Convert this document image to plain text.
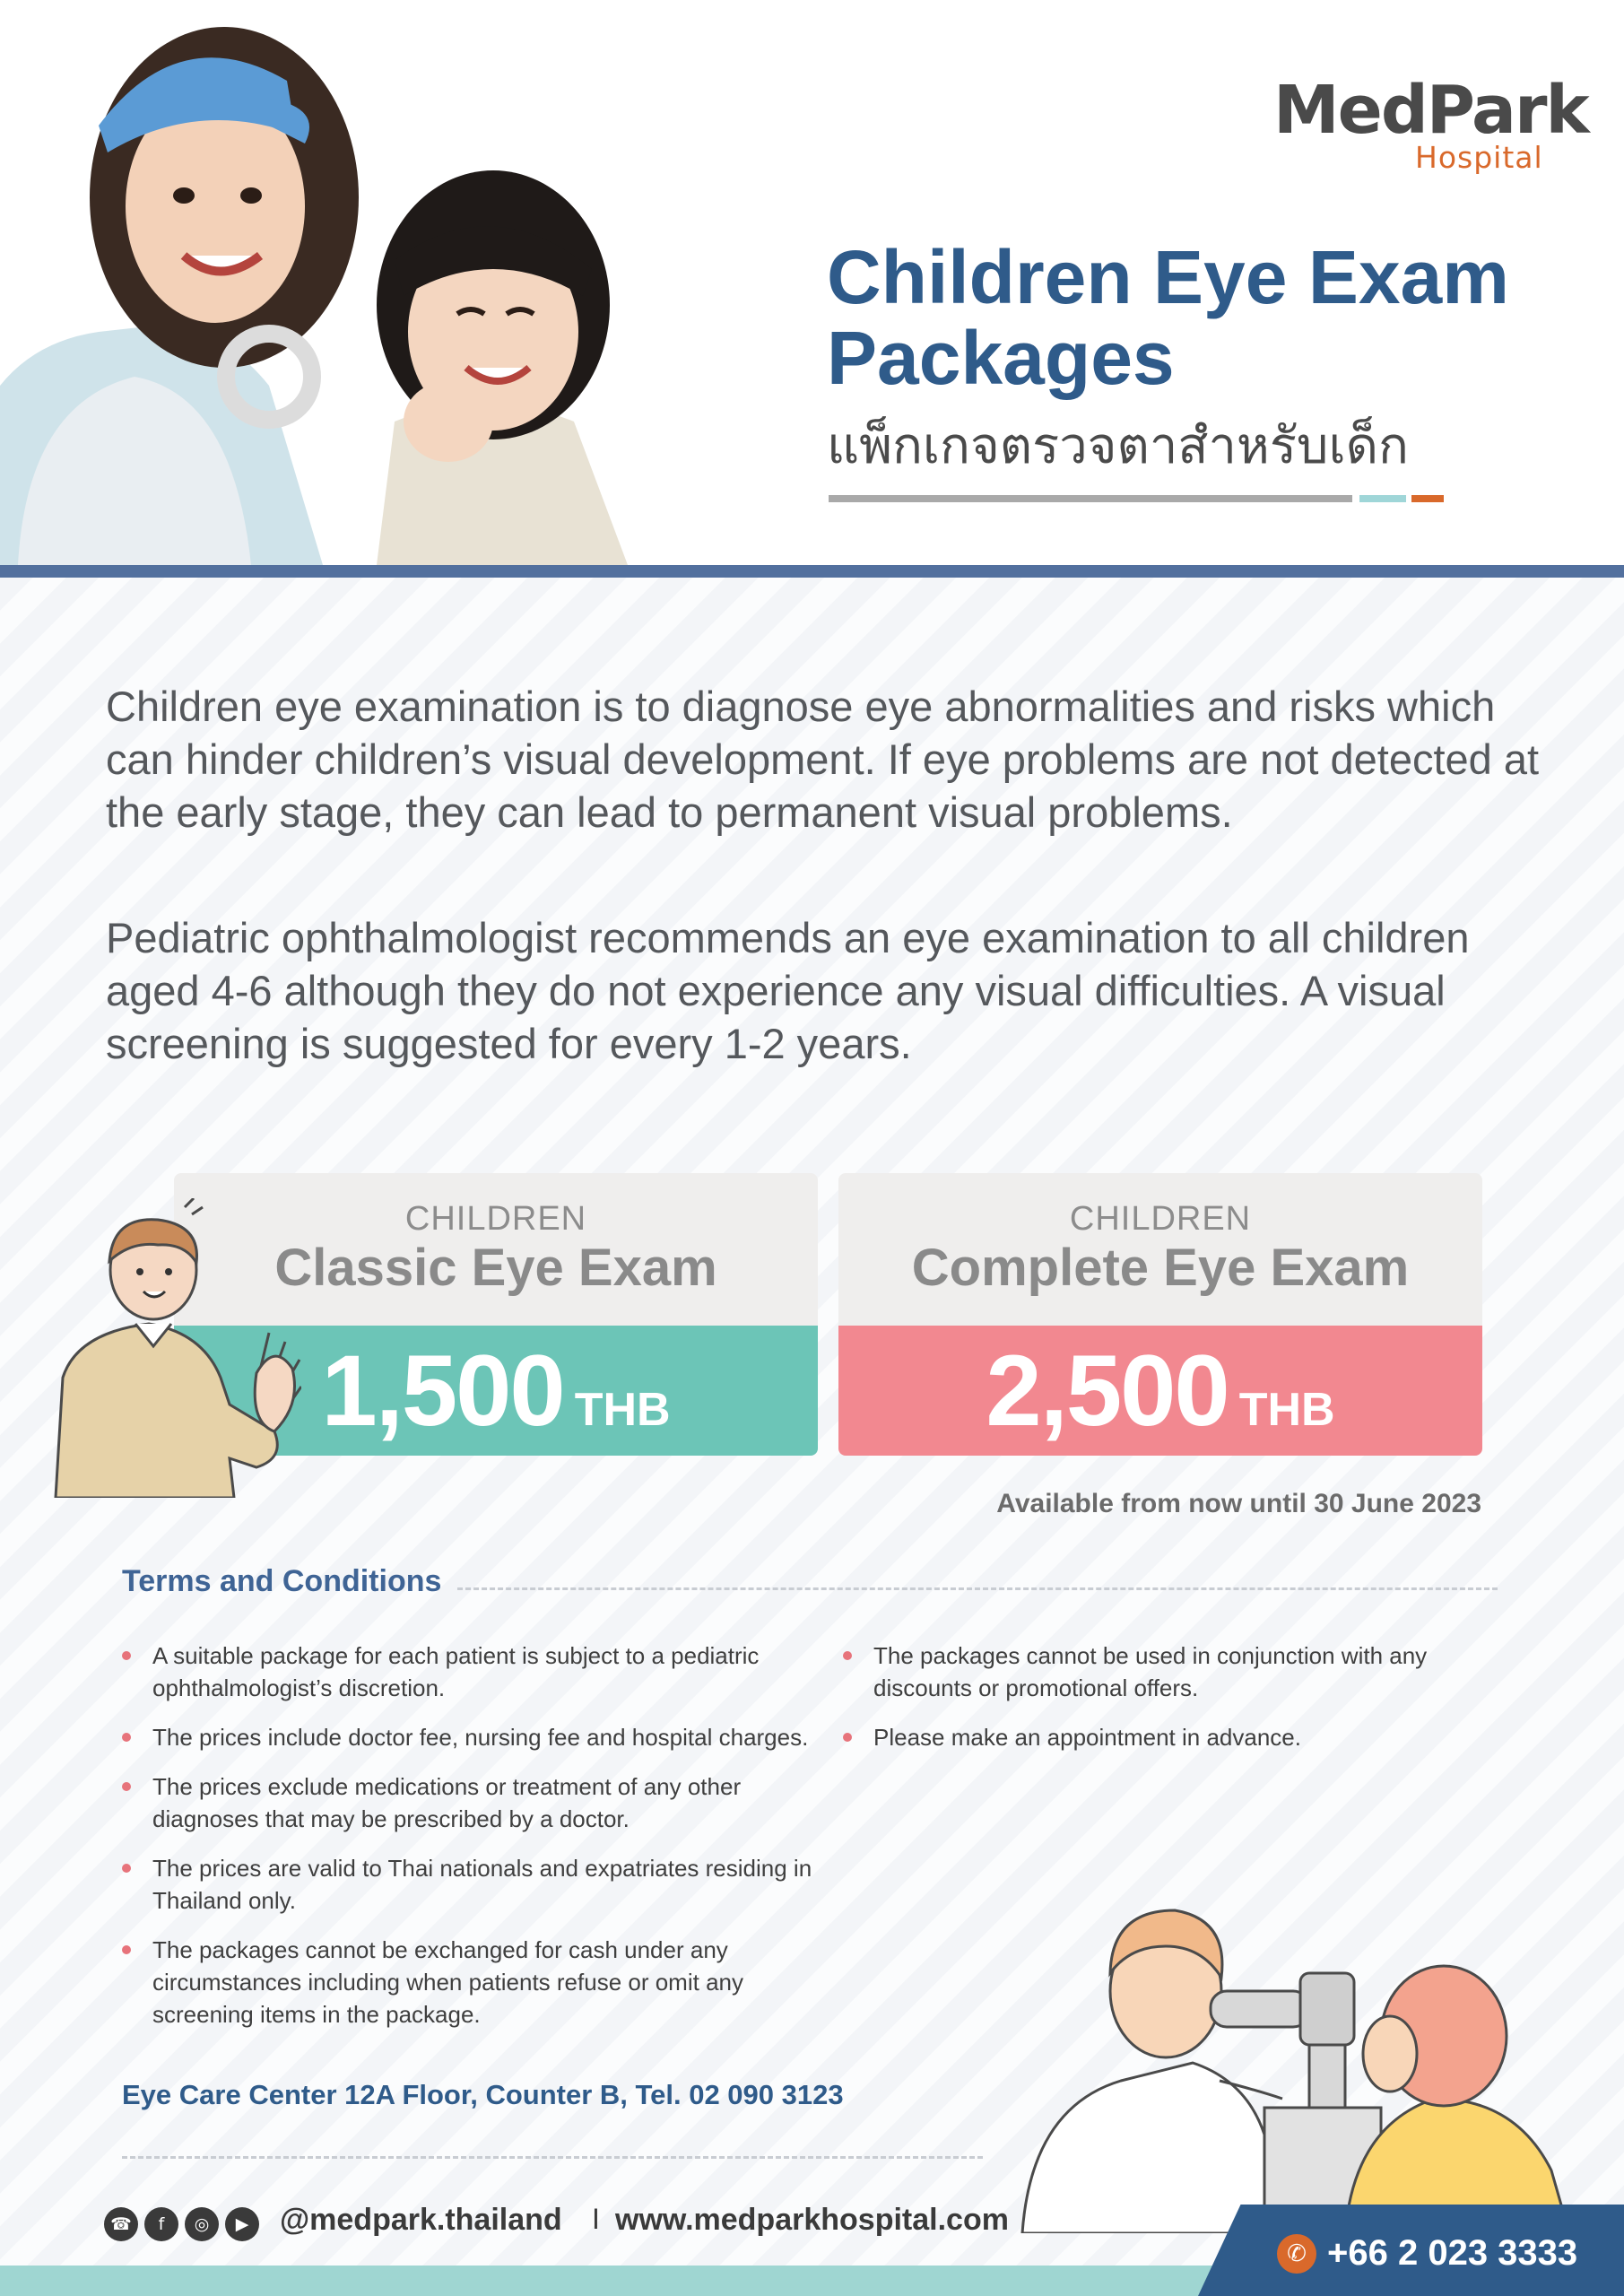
MedPark
Hospital
Children Eye Exam Packages
แพ็กเกจตรวจตาสำหรับเด็ก

Children eye examination is to diagnose eye abnormalities and risks which can hinder children’s visual development. If eye problems are not detected at the early stage, they can lead to permanent visual problems.

Pediatric ophthalmologist recommends an eye examination to all children aged 4-6 although they do not experience any visual difficulties. A visual screening is suggested for every 1-2 years.

CHILDREN
Classic Eye Exam
1,500 THB
CHILDREN
Complete Eye Exam
2,500 THB
Available from now until 30 June 2023
Terms and Conditions
A suitable package for each patient is subject to a pediatric ophthalmologist’s discretion.
The prices include doctor fee, nursing fee and hospital charges.
The prices exclude medications or treatment of any other diagnoses that may be prescribed by a doctor.
The prices are valid to Thai nationals and expatriates residing in Thailand only.
The packages cannot be exchanged for cash under any circumstances including when patients refuse or omit any screening items in the package.
The packages cannot be used in conjunction with any discounts or promotional offers.
Please make an appointment in advance.
Eye Care Center 12A Floor, Counter B, Tel. 02 090 3123
☎	f	◎	▶	@medpark.thailand I www.medparkhospital.com
✆ +66 2 023 3333
